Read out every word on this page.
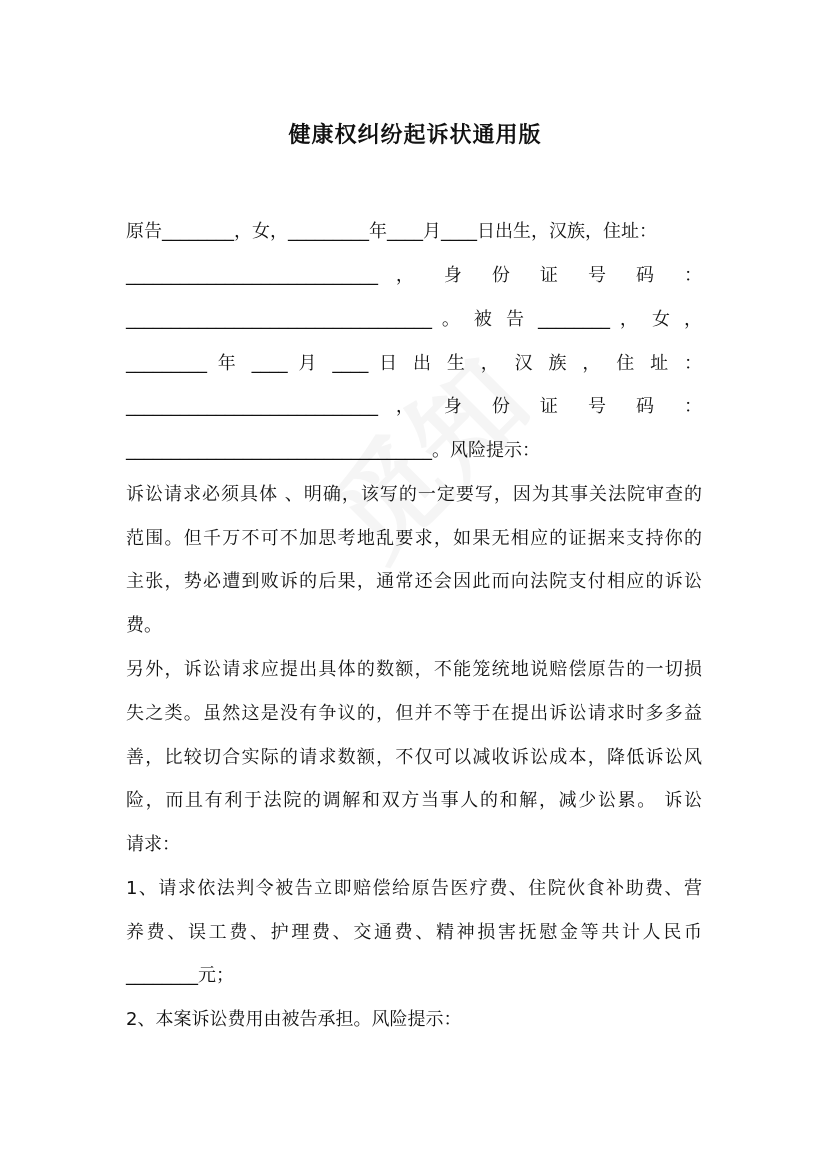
健康权纠纷起诉状通用版
原告________，女，_________年____月____日出生，汉族，住址：
____________________________ ， 身 份 证 号 码 ：
__________________________________ 。 被 告 ________ ， 女 ，
_________ 年 ____ 月 ____ 日 出 生 ， 汉 族 ， 住 址 ：
____________________________ ， 身 份 证 号 码 ：
__________________________________。风险提示：
诉讼请求必须具体 、明确，该写的一定要写，因为其事关法院审查的
范围。但千万不可不加思考地乱要求，如果无相应的证据来支持你的
主张，势必遭到败诉的后果，通常还会因此而向法院支付相应的诉讼
费。
另外，诉讼请求应提出具体的数额，不能笼统地说赔偿原告的一切损
失之类。虽然这是没有争议的，但并不等于在提出诉讼请求时多多益
善，比较切合实际的请求数额，不仅可以减收诉讼成本，降低诉讼风
险，而且有利于法院的调解和双方当事人的和解，减少讼累。 诉讼
请求：
1、请求依法判令被告立即赔偿给原告医疗费、住院伙食补助费、营
养费、误工费、护理费、交通费、精神损害抚慰金等共计人民币
________元；
2、本案诉讼费用由被告承担。风险提示：
